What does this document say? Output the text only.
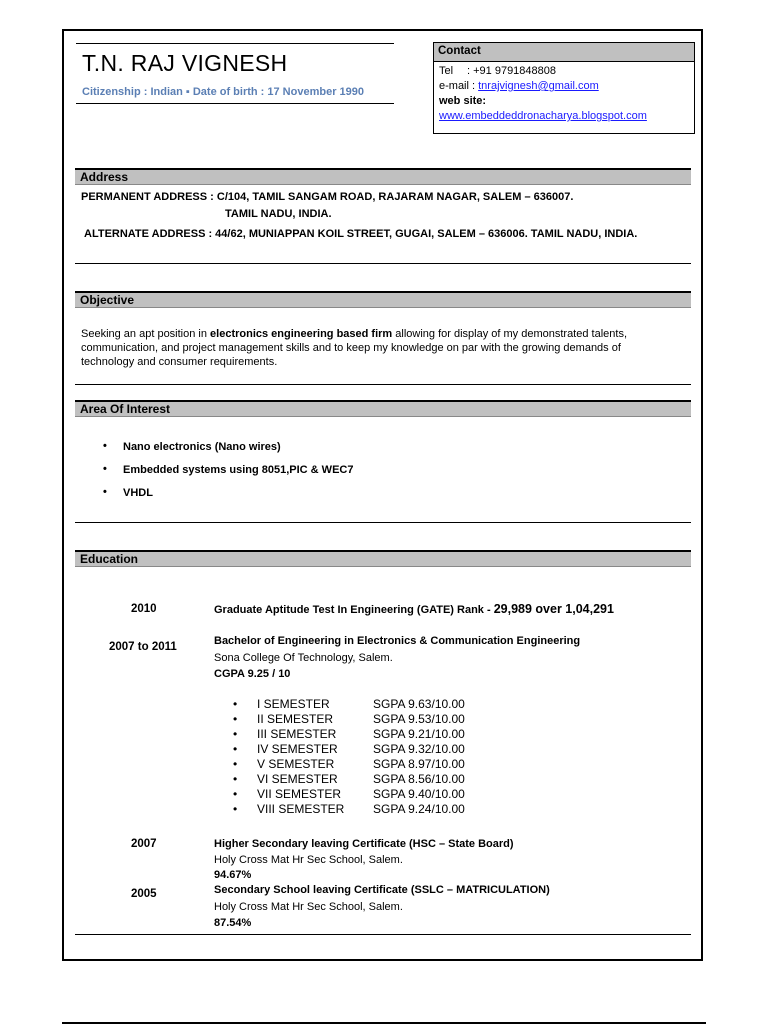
T.N. RAJ VIGNESH
Citizenship : Indian ▪ Date of birth : 17 November 1990
Contact
Tel : +91 9791848808
e-mail : tnrajvignesh@gmail.com
web site:
www.embeddeddronacharya.blogspot.com
Address
PERMANENT ADDRESS : C/104, TAMIL SANGAM ROAD, RAJARAM NAGAR, SALEM – 636007.
TAMIL NADU, INDIA.
ALTERNATE ADDRESS : 44/62, MUNIAPPAN KOIL STREET, GUGAI, SALEM – 636006. TAMIL NADU, INDIA.
Objective
Seeking an apt position in electronics engineering based firm allowing for display of my demonstrated talents,
communication, and project management skills and to keep my knowledge on par with the growing demands of
technology and consumer requirements.
Area Of Interest
• Nano electronics (Nano wires)
• Embedded systems using 8051,PIC & WEC7
• VHDL
Education
2010	Graduate Aptitude Test In Engineering (GATE) Rank - 29,989 over 1,04,291
2007 to 2011	Bachelor of Engineering in Electronics & Communication Engineering
Sona College Of Technology, Salem.
CGPA 9.25 / 10
• I SEMESTER	SGPA 9.63/10.00
• II SEMESTER	SGPA 9.53/10.00
• III SEMESTER	SGPA 9.21/10.00
• IV SEMESTER	SGPA 9.32/10.00
• V SEMESTER	SGPA 8.97/10.00
• VI SEMESTER	SGPA 8.56/10.00
• VII SEMESTER	SGPA 9.40/10.00
• VIII SEMESTER SGPA 9.24/10.00
2007	Higher Secondary leaving Certificate (HSC – State Board)
Holy Cross Mat Hr Sec School, Salem.
94.67%
2005	Secondary School leaving Certificate (SSLC – MATRICULATION)
Holy Cross Mat Hr Sec School, Salem.
87.54%
